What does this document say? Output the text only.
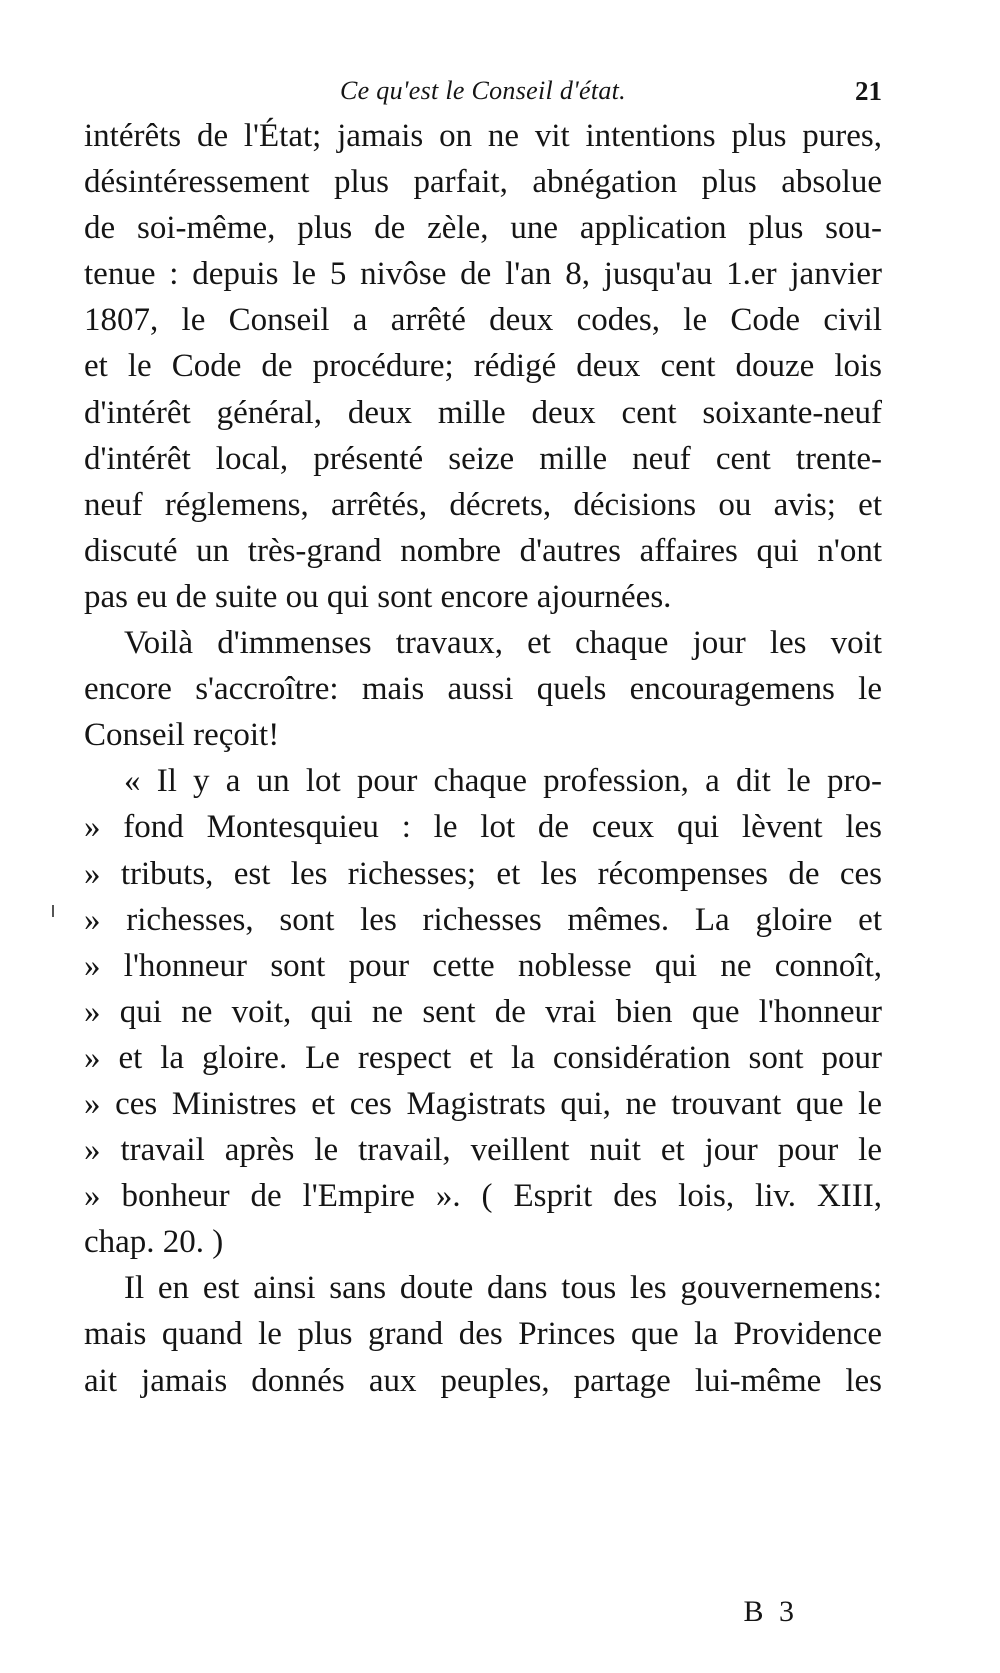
Ce qu'est le Conseil d'état.	21
intérêts de l'État; jamais on ne vit intentions plus pures,
désintéressement plus parfait, abnégation plus absolue
de soi-même, plus de zèle, une application plus sou-
tenue : depuis le 5 nivôse de l'an 8, jusqu'au 1.er janvier
1807, le Conseil a arrêté deux codes, le Code civil
et le Code de procédure; rédigé deux cent douze lois
d'intérêt général, deux mille deux cent soixante-neuf
d'intérêt local, présenté seize mille neuf cent trente-
neuf réglemens, arrêtés, décrets, décisions ou avis; et
discuté un très-grand nombre d'autres affaires qui n'ont
pas eu de suite ou qui sont encore ajournées.
Voilà d'immenses travaux, et chaque jour les voit
encore s'accroître: mais aussi quels encouragemens le
Conseil reçoit!
« Il y a un lot pour chaque profession, a dit le pro-
» fond Montesquieu : le lot de ceux qui lèvent les
» tributs, est les richesses; et les récompenses de ces
» richesses, sont les richesses mêmes. La gloire et
» l'honneur sont pour cette noblesse qui ne connoît,
» qui ne voit, qui ne sent de vrai bien que l'honneur
» et la gloire. Le respect et la considération sont pour
» ces Ministres et ces Magistrats qui, ne trouvant que le
» travail après le travail, veillent nuit et jour pour le
» bonheur de l'Empire ». ( Esprit des lois, liv. XIII,
chap. 20. )
Il en est ainsi sans doute dans tous les gouvernemens:
mais quand le plus grand des Princes que la Providence
ait jamais donnés aux peuples, partage lui-même les
B 3
